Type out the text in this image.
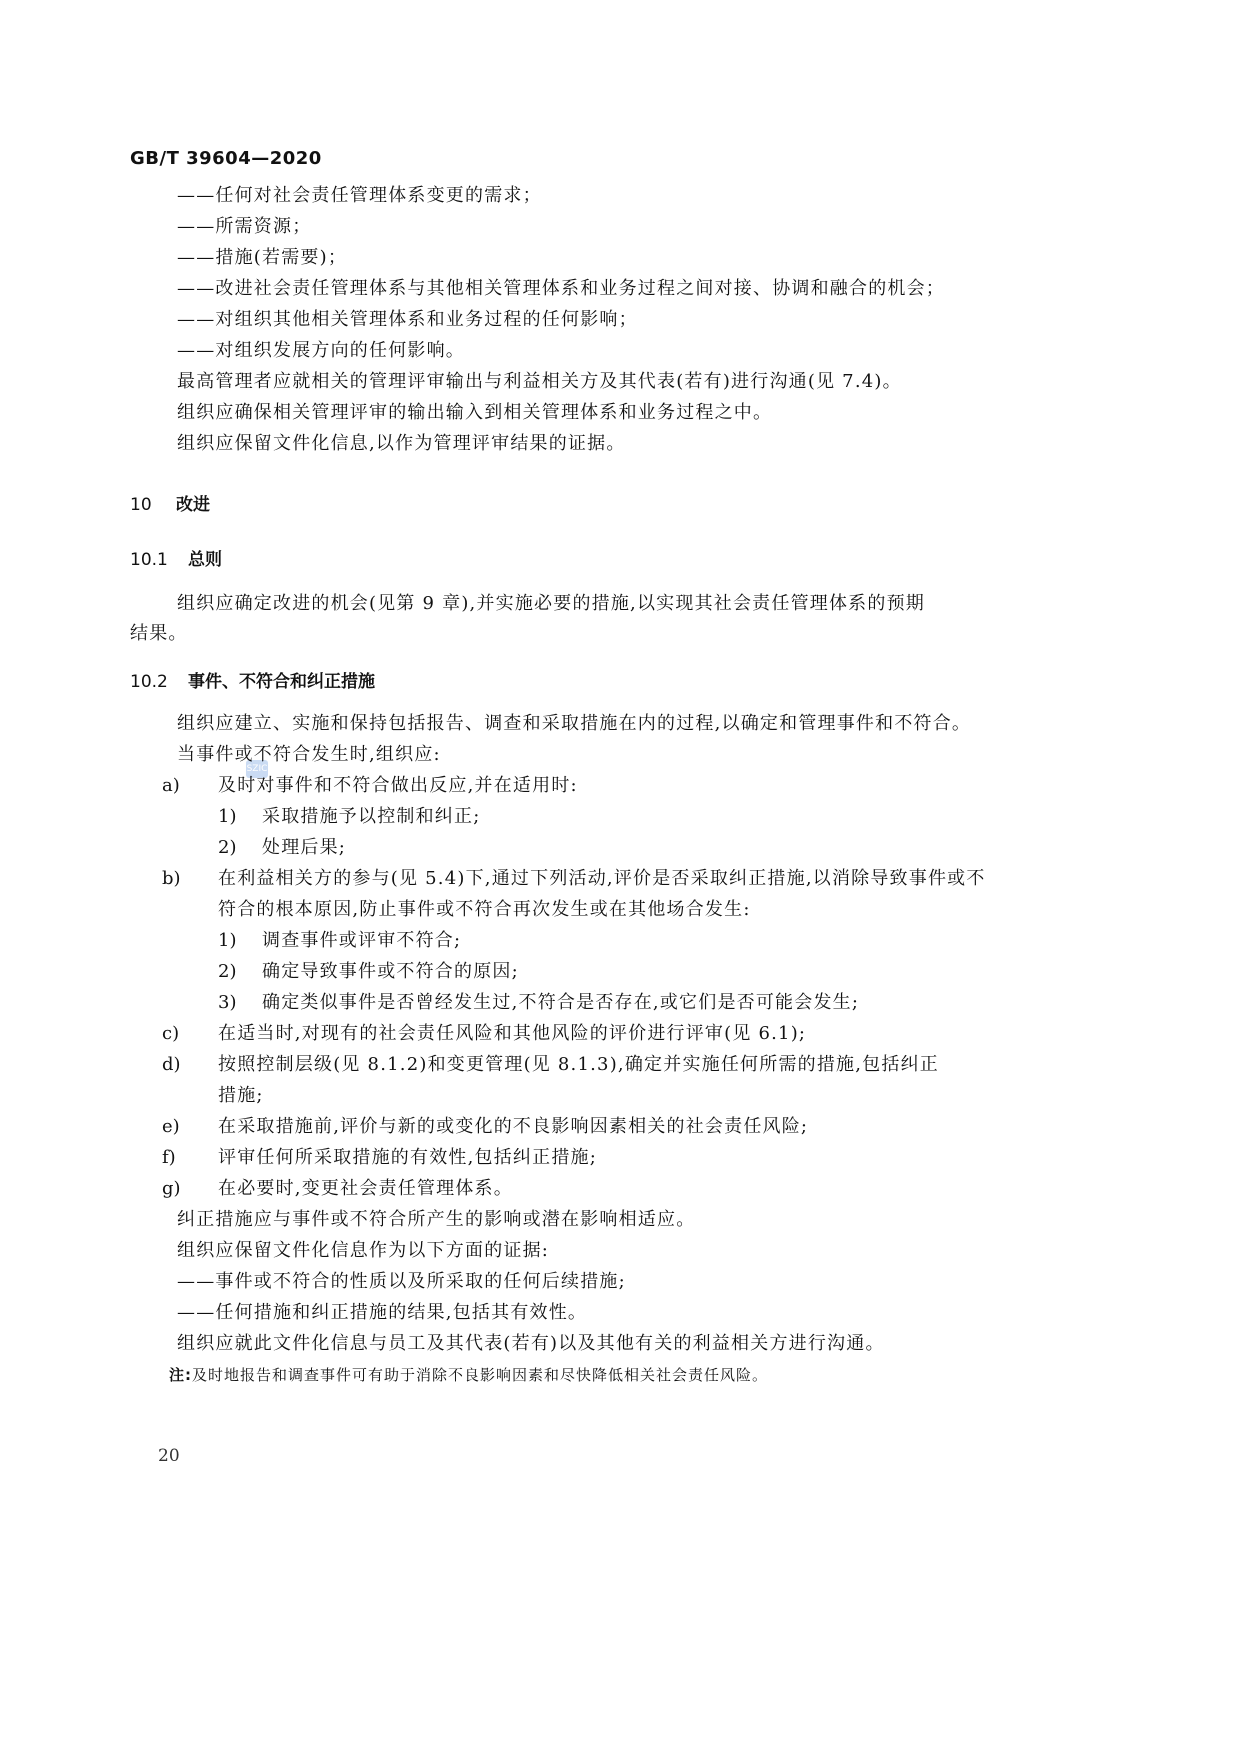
GB/T 39604—2020
——任何对社会责任管理体系变更的需求；
——所需资源；
——措施(若需要)；
——改进社会责任管理体系与其他相关管理体系和业务过程之间对接、协调和融合的机会；
——对组织其他相关管理体系和业务过程的任何影响；
——对组织发展方向的任何影响。
最高管理者应就相关的管理评审输出与利益相关方及其代表(若有)进行沟通(见 7.4)。
组织应确保相关管理评审的输出输入到相关管理体系和业务过程之中。
组织应保留文件化信息,以作为管理评审结果的证据。
10 改进
10.1 总则
组织应确定改进的机会(见第 9 章),并实施必要的措施,以实现其社会责任管理体系的预期
结果。
10.2 事件、不符合和纠正措施
SZIC
组织应建立、实施和保持包括报告、调查和采取措施在内的过程,以确定和管理事件和不符合。
当事件或不符合发生时,组织应:
a) 及时对事件和不符合做出反应,并在适用时:
1) 采取措施予以控制和纠正;
2) 处理后果;
b) 在利益相关方的参与(见 5.4)下,通过下列活动,评价是否采取纠正措施,以消除导致事件或不
符合的根本原因,防止事件或不符合再次发生或在其他场合发生:
1) 调查事件或评审不符合;
2) 确定导致事件或不符合的原因;
3) 确定类似事件是否曾经发生过,不符合是否存在,或它们是否可能会发生;
c) 在适当时,对现有的社会责任风险和其他风险的评价进行评审(见 6.1);
d) 按照控制层级(见 8.1.2)和变更管理(见 8.1.3),确定并实施任何所需的措施,包括纠正
措施;
e) 在采取措施前,评价与新的或变化的不良影响因素相关的社会责任风险;
f) 评审任何所采取措施的有效性,包括纠正措施;
g) 在必要时,变更社会责任管理体系。
纠正措施应与事件或不符合所产生的影响或潜在影响相适应。
组织应保留文件化信息作为以下方面的证据:
——事件或不符合的性质以及所采取的任何后续措施;
——任何措施和纠正措施的结果,包括其有效性。
组织应就此文件化信息与员工及其代表(若有)以及其他有关的利益相关方进行沟通。
注:及时地报告和调查事件可有助于消除不良影响因素和尽快降低相关社会责任风险。
20
